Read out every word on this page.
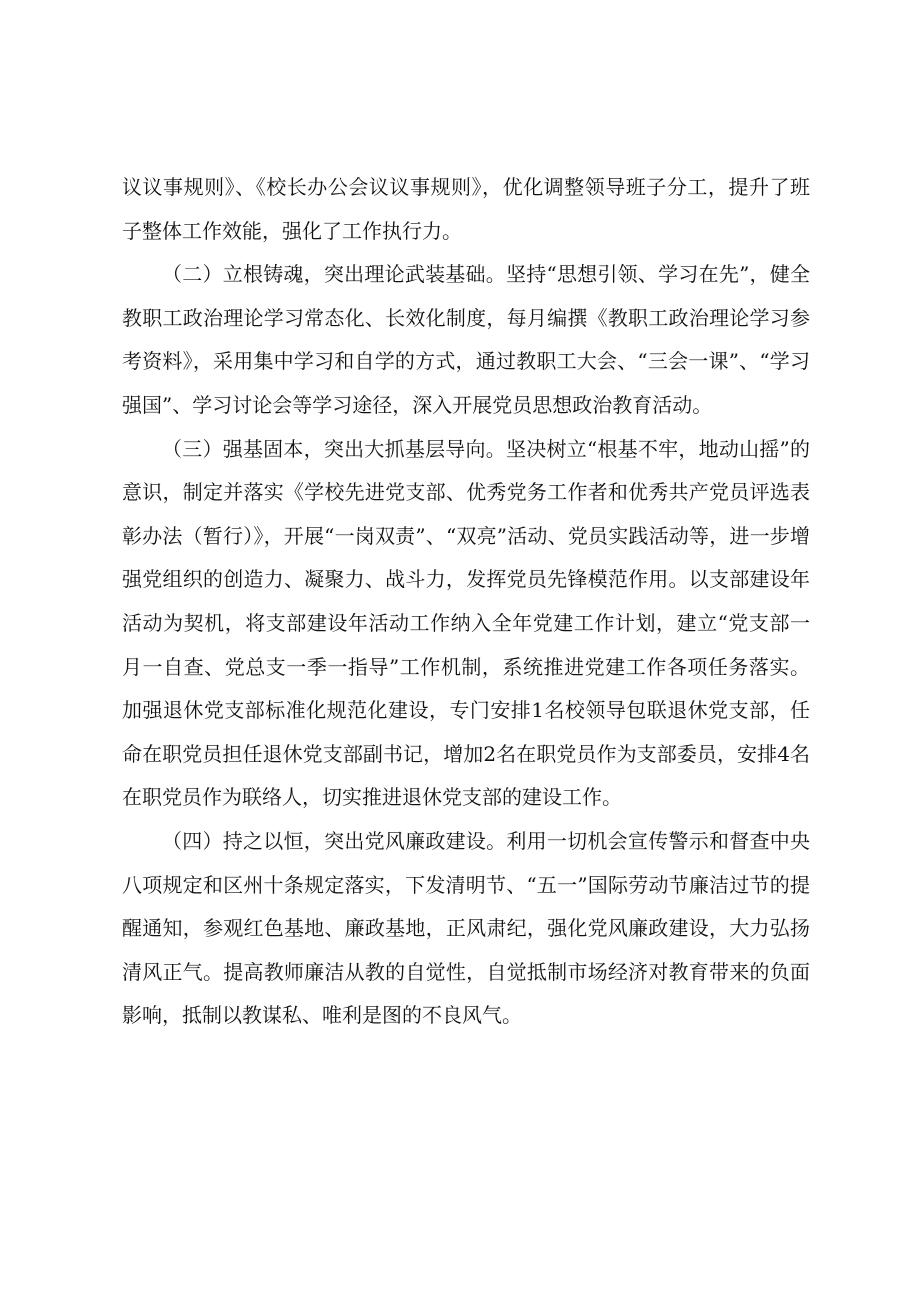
议议事规则》、《校长办公会议议事规则》，优化调整领导班子分工，提升了班子整体工作效能，强化了工作执行力。

（二）立根铸魂，突出理论武装基础。坚持“思想引领、学习在先”，健全教职工政治理论学习常态化、长效化制度，每月编撰《教职工政治理论学习参考资料》，采用集中学习和自学的方式，通过教职工大会、“三会一课”、“学习强国”、学习讨论会等学习途径，深入开展党员思想政治教育活动。

（三）强基固本，突出大抓基层导向。坚决树立“根基不牢，地动山摇”的意识，制定并落实《学校先进党支部、优秀党务工作者和优秀共产党员评选表彰办法（暂行）》，开展“一岗双责”、“双亮”活动、党员实践活动等，进一步增强党组织的创造力、凝聚力、战斗力，发挥党员先锋模范作用。以支部建设年活动为契机，将支部建设年活动工作纳入全年党建工作计划，建立“党支部一月一自查、党总支一季一指导”工作机制，系统推进党建工作各项任务落实。加强退休党支部标准化规范化建设，专门安排1名校领导包联退休党支部，任命在职党员担任退休党支部副书记，增加2名在职党员作为支部委员，安排4名在职党员作为联络人，切实推进退休党支部的建设工作。

（四）持之以恒，突出党风廉政建设。利用一切机会宣传警示和督查中央八项规定和区州十条规定落实，下发清明节、“五一”国际劳动节廉洁过节的提醒通知，参观红色基地、廉政基地，正风肃纪，强化党风廉政建设，大力弘扬清风正气。提高教师廉洁从教的自觉性，自觉抵制市场经济对教育带来的负面影响，抵制以教谋私、唯利是图的不良风气。
